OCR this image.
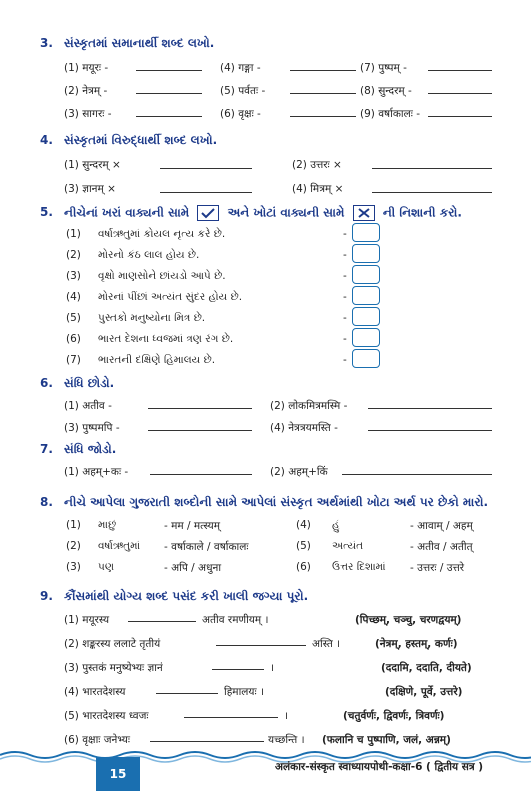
3. સંસ્કૃતમાં સમાનાર્થી શબ્દ લખો.
(1) मयूरः -	(4) गङ्गा -	(7) पुष्पम् -
(2) नेत्रम् -	(5) पर्वतः -	(8) सुन्दरम् -
(3) सागरः -	(6) वृक्षः -	(9) वर्षाकालः -
4. સંસ્કૃતમાં વિરુદ્ધાર્થી શબ્દ લખો.
(1) सुन्दरम् ×	(2) उत्तरः ×
(3) ज्ञानम् ×	(4) मित्रम् ×
5. નીચેનાં ખરાં વાક્યની સામે	અને ખોટાં વાક્યની સામે	ની નિશાની કરો.
(1) વર્ષાઋતુમાં કોયલ નૃત્ય કરે છે.	-
(2) મોરનો કંઠ લાલ હોય છે.	-
(3) વૃક્ષો માણસોને છાંયડો આપે છે.	-
(4) મોરનાં પીંછાં અત્યંત સુંદર હોય છે.	-
(5) પુસ્તકો મનુષ્યોના મિત્ર છે.	-
(6) ભારત દેશના ધ્વજમાં ત્રણ રંગ છે.	-
(7) ભારતની દક્ષિણે હિમાલય છે.	-
6. સંધિ છોડો.
(1) अतीव -	(2) लोकमित्रमस्मि -
(3) पुष्पमपि -	(4) नेत्रत्रयमस्ति -
7. સંધિ જોડો.
(1) अहम्+कः -	(2) अहम्+किं
8. નીચે આપેલા ગુજરાતી શબ્દોની સામે આપેલાં સંસ્કૃત અર્થમાંથી ખોટા અર્થ પર છેકો મારો.
(1) માછું	- मम / मत्स्यम्	(4) હું	- आवाम् / अहम्
(2) વર્ષાઋતુમાં - वर्षाकाले / वर्षाकालः	(5) અત્યંત	- अतीव / अतीत्
(3) પણ	- अपि / अधुना	(6) ઉત્તર દિશામાં - उत्तरः / उत्तरे
9. કૌંસમાંથી યોગ્ય શબ્દ પસંદ કરી ખાલી જગ્યા પૂરો.
(1) मयूरस्य	अतीव रमणीयम् ।	(पिच्छम्, चञ्चु, चरणद्वयम्)
(2) शङ्करस्य ललाटे तृतीयं	अस्ति ।	(नेत्रम्, हस्तम्, कर्णः)
(3) पुस्तकं मनुष्येभ्यः ज्ञानं	।	(ददामि, ददाति, दीयते)
(4) भारतदेशस्य	हिमालयः ।	(दक्षिणे, पूर्वे, उत्तरे)
(5) भारतदेशस्य ध्वजः	।	(चतुर्वर्णः, द्विवर्णः, त्रिवर्णः)
(6) वृक्षाः जनेभ्यः	यच्छन्ति । (फलानि च पुष्पाणि, जलं, अन्नम्)
15	अलंकार-संस्कृत स्वाध्यायपोथी-कक्षा-6 ( द्वितीय सत्र )
